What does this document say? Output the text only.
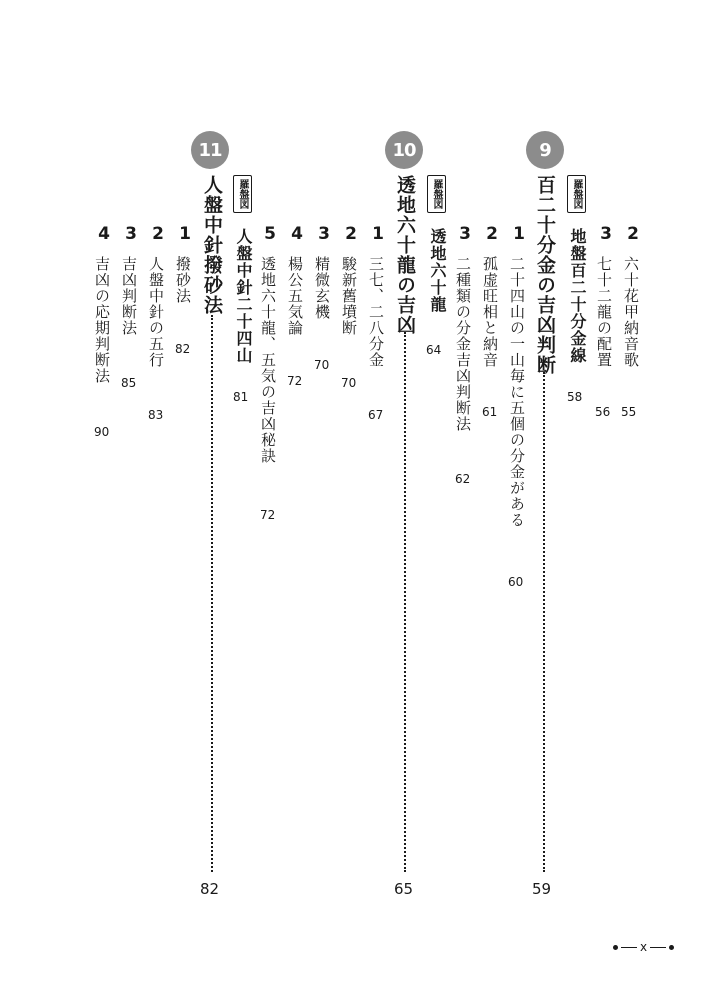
9
百二十分金の吉凶判断
59
羅盤図
地盤百二十分金線
58
2
六十花甲納音歌
55
3
七十二龍の配置
56
1
二十四山の一山毎に五個の分金がある
60
2
孤虚旺相と納音
61
3
二種類の分金吉凶判断法
62
10
透地六十龍の吉凶
65
羅盤図
透地六十龍
64
1
三七、二八分金
67
2
駿新舊墳断
70
3
精微玄機
70
4
楊公五気論
72
5
透地六十龍、五気の吉凶秘訣
72
11
人盤中針撥砂法
82
羅盤図
人盤中針二十四山
81
1
撥砂法
82
2
人盤中針の五行
83
3
吉凶判断法
85
4
吉凶の応期判断法
90
x
